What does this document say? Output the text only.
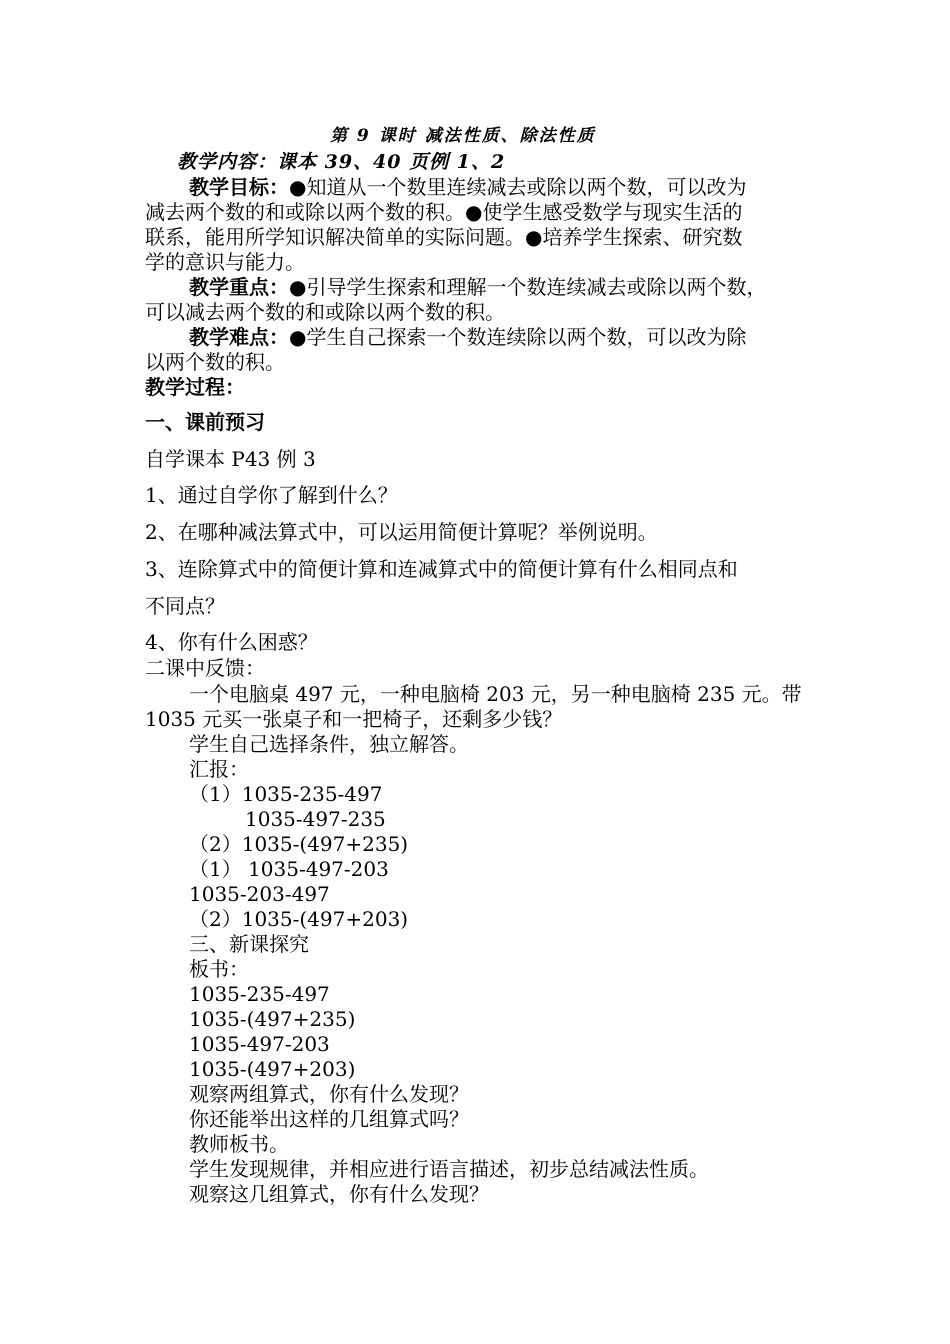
第 9 课时 减法性质、除法性质
教学内容：课本 39、40 页例 1、2
教学目标：●知道从一个数里连续减去或除以两个数，可以改为
减去两个数的和或除以两个数的积。●使学生感受数学与现实生活的
联系，能用所学知识解决简单的实际问题。●培养学生探索、研究数
学的意识与能力。
教学重点：●引导学生探索和理解一个数连续减去或除以两个数，
可以减去两个数的和或除以两个数的积。
教学难点：●学生自己探索一个数连续除以两个数，可以改为除
以两个数的积。
教学过程：
一、课前预习
自学课本 P43 例 3
1、通过自学你了解到什么？
2、在哪种减法算式中，可以运用简便计算呢？举例说明。
3、连除算式中的简便计算和连减算式中的简便计算有什么相同点和
不同点？
4、你有什么困惑？
二课中反馈：
一个电脑桌 497 元，一种电脑椅 203 元，另一种电脑椅 235 元。带
1035 元买一张桌子和一把椅子，还剩多少钱？
学生自己选择条件，独立解答。
汇报：
（1）1035-235-497
1035-497-235
（2）1035-(497+235)
（1） 1035-497-203
1035-203-497
（2）1035-(497+203)
三、新课探究
板书：
1035-235-497
1035-(497+235)
1035-497-203
1035-(497+203)
观察两组算式，你有什么发现？
你还能举出这样的几组算式吗？
教师板书。
学生发现规律，并相应进行语言描述，初步总结减法性质。
观察这几组算式，你有什么发现？
